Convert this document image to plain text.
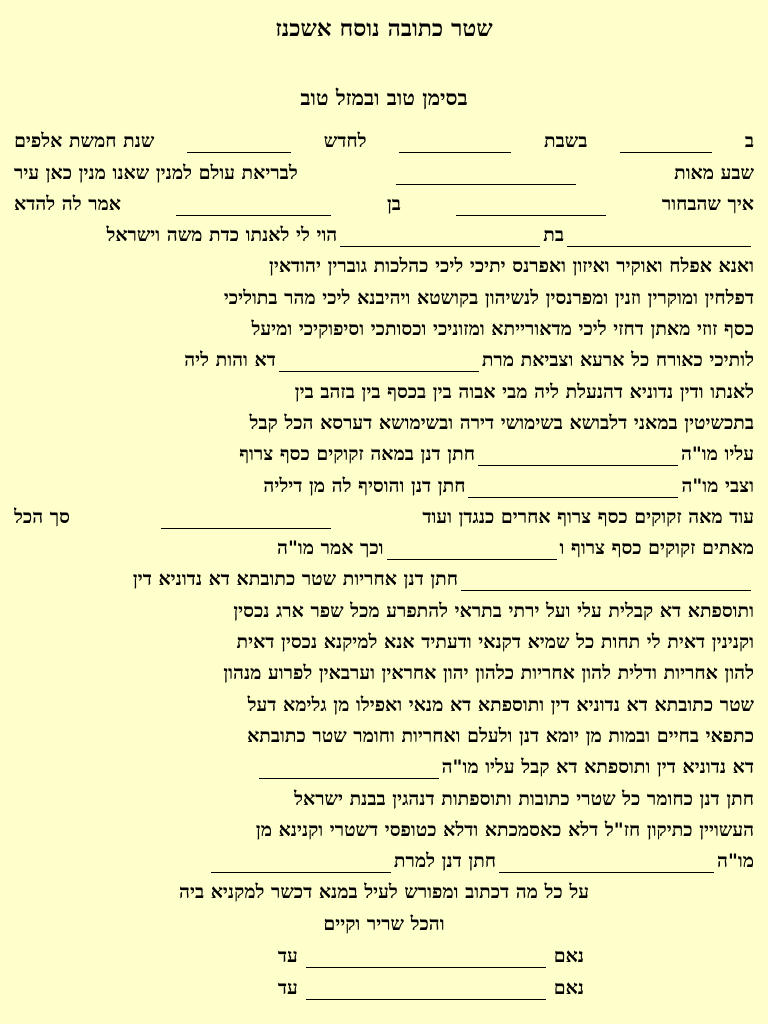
שטר כתובה נוסח אשכנז
בסימן טוב ובמזל טוב
ב
בשבת
לחדש
שנת חמשת אלפים
שבע מאות
לבריאת עולם למנין שאנו מנין כאן עיר
איך שהבחור
בן
אמר לה להדא
בת
הוי לי לאנתו כדת משה וישראל
ואנא אפלח ואוקיר ואיזון ואפרנס יתיכי ליכי כהלכות גוברין יהודאין
דפלחין ומוקרין וזנין ומפרנסין לנשיהון בקושטא ויהיבנא ליכי מהר בתוליכי
כסף זוזי מאתן דחזי ליכי מדאורייתא ומזוניכי וכסותכי וסיפוקיכי ומיעל
לותיכי כאורח כל ארעא וצביאת מרת
דא והות ליה
לאנתו ודין נדוניא דהנעלת ליה מבי אבוה בין בכסף בין בזהב בין
בתכשיטין במאני דלבושא בשימושי דירה ובשימושא דערסא הכל קבל
עליו מו"ה
חתן דנן במאה זקוקים כסף צרוף
וצבי מו"ה
חתן דנן והוסיף לה מן דיליה
עוד מאה זקוקים כסף צרוף אחרים כנגדן ועוד
סך הכל
מאתים זקוקים כסף צרוף ו
וכך אמר מו"ה
חתן דנן אחריות שטר כתובתא דא נדוניא דין
ותוספתא דא קבלית עלי ועל ירתי בתראי להתפרע מכל שפר ארג נכסין
וקנינין דאית לי תחות כל שמיא דקנאי ודעתיד אנא למיקנא נכסין דאית
להון אחריות ודלית להון אחריות כלהון יהון אחראין וערבאין לפרוע מנהון
שטר כתובתא דא נדוניא דין ותוספתא דא מנאי ואפילו מן גלימא דעל
כתפאי בחיים ובמות מן יומא דנן ולעלם ואחריות וחומר שטר כתובתא
דא נדוניא דין ותוספתא דא קבל עליו מו"ה
חתן דנן כחומר כל שטרי כתובות ותוספתות דנהגין בבנת ישראל
העשויין כתיקון חז"ל דלא כאסמכתא ודלא כטופסי דשטרי וקנינא מן
מו"ה
חתן דנן למרת
על כל מה דכתוב ומפורש לעיל במנא דכשר למקניא ביה
והכל שריר וקיים
עד	נאם
עד	נאם
